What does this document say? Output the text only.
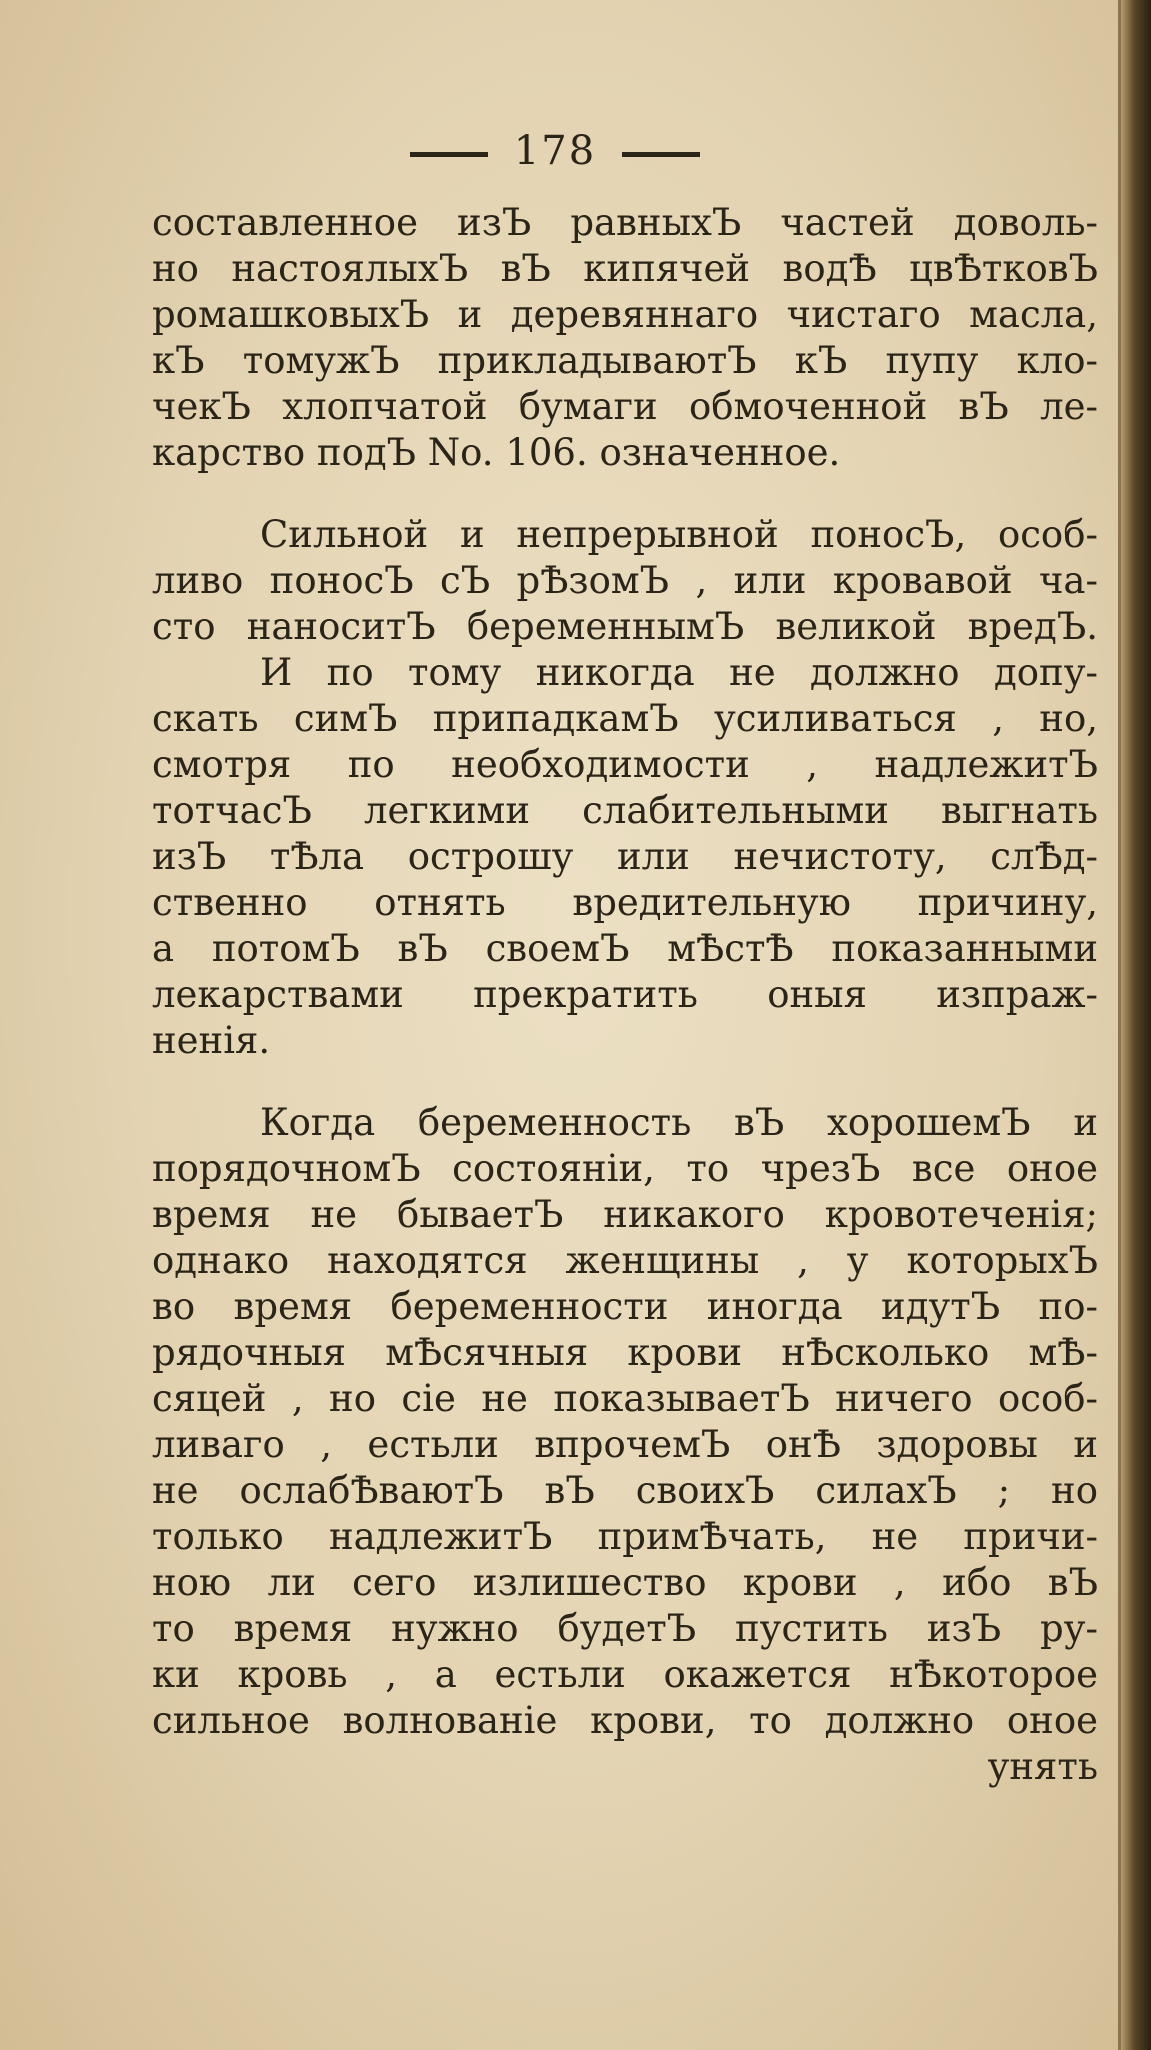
178
составленное изЪ равныхЪ частей доволь-
но настоялыхЪ вЪ кипячей водѢ цвѢтковЪ
ромашковыхЪ и деревяннаго чистаго масла,
кЪ томужЪ прикладываютЪ кЪ пупу кло-
чекЪ хлопчатой бумаги обмоченной вЪ ле-
карство подЪ No. 106. означенное.
Сильной и непрерывной поносЪ, особ-
ливо поносЪ сЪ рѢзомЪ , или кровавой ча-
сто наноситЪ беременнымЪ великой вредЪ.
И по тому никогда не должно допу-
скать симЪ припадкамЪ усиливаться , но,
смотря по необходимости , надлежитЪ
тотчасЪ легкими слабительными выгнать
изЪ тѢла острошу или нечистоту, слѢд-
ственно отнять вредительную причину,
а потомЪ вЪ своемЪ мѢстѢ показанными
лекарствами прекратить оныя изпраж-
ненія.
Когда беременность вЪ хорошемЪ и
порядочномЪ состояніи, то чрезЪ все оное
время не бываетЪ никакого кровотеченія;
однако находятся женщины , у которыхЪ
во время беременности иногда идутЪ по-
рядочныя мѢсячныя крови нѢсколько мѢ-
сяцей , но сіе не показываетЪ ничего особ-
ливаго , естьли впрочемЪ онѢ здоровы и
не ослабѢваютЪ вЪ своихЪ силахЪ ; но
только надлежитЪ примѢчать, не причи-
ною ли сего излишество крови , ибо вЪ
то время нужно будетЪ пустить изЪ ру-
ки кровь , а естьли окажется нѢкоторое
сильное волнованіе крови, то должно оное
унять
